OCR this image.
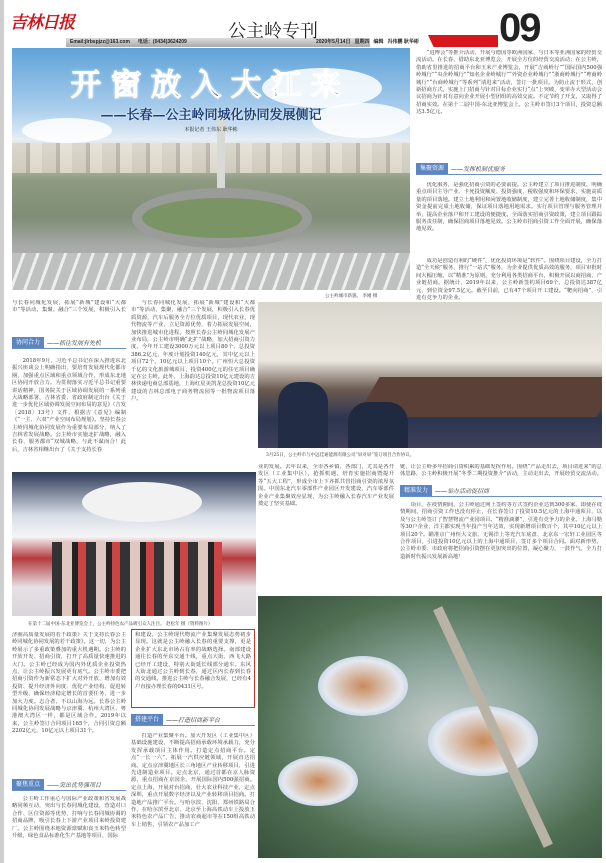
吉林日报
Email:jlrbspjzz@163.com 电话：(0434)3624209	公主岭专刊
2020年5月14日 星期四 编辑 冯伟鹏 耿华彬 09
开窗放入大江来
——长春—公主岭同城化协同发展侧记
本报记者 王伟东 耿华彬
公主岭城市新貌。 李刚 摄

“进博会”等推介活动，开展与德国等欧洲国家、与日本等亚洲国家的经贸交流活动。在长春、借助东北亚博览会，开展全方位的经贸交流活动；在公主岭，借助省里推进的招商平台和玉米产业博览会，开展“吉商岭行”“国际国内500强岭城行”“央企岭城行”“知名企业岭城行”“外资企业岭城行”“浙商岭城行”“粤商岭城行”“台商岭城行”等系列“请进来”活动，签订一批项目。为防止流于形式，创新招商方式，实施上门招商与针对目标企业实行“点”上突破，变单办大型活动会议招商为针对有意向企业开展小型团组的高效交流。不定节约了开支，又取得了招商实效。在第十二届中国-东北亚博览会上，公主岭市签订3个项目，投资总额达3.5亿元。

集聚资源	——发挥机制优服务

优化服务，是强化招商引资的必要前提。公主岭建立了项目推进制度，明确重点项目主导产业、卡死投资额度、投资强度、税收强度和环保要求，实施高质量的项目落地。建立土地利用和闲置地收储制度，建立完善土地收储制度，集中资金提前完成土地收储，保证项目落地用地需求。实行项目管理与服务管理并举，提高企业落户和开工建设的便捷度。全面落实招商引资政策，建立项目跟踪服务责任制，确保招商项目落地见效。公主岭市招商引资工作全面开展，确保落地见效。

成功是创造有利的“硬件”，优化投资环境是“软件”。围绕项目建设，全力打造“全天候”服务，推行“一站式”服务，为企业提供优质高效的服务，项目审批时间大幅压缩。以“精准”为原则，充分利用各类招商平台，积极开展以商招商、产业链招商。据统计，2019年以来，公主岭新签约项目69个，总投资达387亿元，到位资金97.5亿元。截至目前，已有47个项目开工建设。“靶向招商”，引进有竞争力的企业。

与长春同城化发展，拓展“新城”建设和“大都市”等活动，集聚、融合“三个发展，积极引入长

协同合力	——抓住发展有先机

2018年9月，习近平总书记在深入推进东北振兴座谈会上明确指出，要培育发展现代化都市圈，加强重点区域和重点领域合作，形成东北地区协同开放合力。为贯彻落实习近平总书记重要讲话精神，国务院关于区域协调发展的一系列重大战略部署，吉林省委、省政府制定出台《关于进一步优化区域协调发展空间布局的意见》（吉发〔2018〕13号）文件，根据吉《意见》编制《“一主、六双”产业空间布局规划》。坚持长春公主岭同城化协同发展作为重要布局部分，纳入了吉林省发展战略。公主岭市实施北扩战略，融入长春、服务都市“双城战略，与此不谋而合！此后，吉林省相继出台了《关于支持长春

与长春同城化发展，拓展“新城”建设和“大都市”等活动，集聚、融合“三个发展，积极引入长春优质资源，汽车后服务全方位优质项目，现代农业，现代物流等产业，立足资源优势，着力拓展发展空间，加快推进城市化进程。按照长春公主岭同城化发展产业布局，公主岭市明确“北扩”战略，加大招商引资力度。今年开工建设3000万元以上项目80个，总投资386.2亿元，年度计划投资140亿元，其中亿元以上项目72个，10亿元以上项目10个。广州恒大总投资千亿的文化旅游城项目，投资400亿元的住宅项目确定在公主岭。此外，上海韵达总投资10亿元建设的吉林快递电商总部基地，上海红星美凯龙总投资10亿元建设的吉林总部电子商务物流园等一批物流项目落户。

3月25日，公主岭市与中远佳通能源有限公司“屏对屏”签订项目合作协议。

业的发展。去年以来，全市各乡镇、各部门，尤其是各开发区（工业集中区），抢抓机遇，培育实施招商暨提升等“五大工程”，形成全市上下齐抓共管招商引资的浓厚氛围。中国东北汽车零部件产业园区开发建设，汽车零部件企业产业集聚效应显现，为公主岭融入长春汽车产业发展奠定了坚实基础。

链，让公主岭多年招商引资积累的基础发挥作用。围绕“产品走出去，项目请进来”的总体思路，公主岭积极开展“冬季二期投资推介”活动，主动走出去，开展经贸交流活动。

精准发力	——举办活动促招商

项目，在疫情期间，公主岭通过网上签约等方式签约企业达到300多家。即使在疫情期间，招商引资工作也没有停止，在长春签订了投资10.5亿元的上海中通项目，以及与公主岭签订了智慧物流产业园项目。“精准滴灌”，引进有竞争力的企业。上海马勒等30户企业，洋主都实现当年投产当年达效，实现新增项目数百个，其中10亿元以上项目20个。瞄准京广州恒大文旅、无锡洋上等光汽车底盘、北京东一宏轩工业园区等合作项目，引进投资10亿元以上的上海中通项目，签订多个项目合同。面对新形势，公主岭市委、市政府将把招商引资摆在更加突出的位置，凝心聚力，一鼓作气，全力打造新时代振兴发展新高地！

在第十二届中国-东北亚博览会上，公主岭特色农产品吸引众人注目。 赵松年 摄（资料图片）

济圈高质量发展的若干政策》关于支持长春公主岭同城化协同发展的若干政策》。这一切，为公主岭展示了多重政策叠加的重大机遇期。公主岭的开放开发、招商引资，打开了高质量快速推进的大门。公主岭已经成为国内外优质企业投资热点，让公主岭振兴发展更有底气。公主岭市委把招商引资作为新常态下扩大对外开放、增加有效投资、提升经济外向度、优化产业结构、促进转型升级、确保经济稳定增长的首要任务，进一步加大力度。志合者，不以山海为远。长春公主岭同城化协同发展战略与京津冀、杭州大湾区、粤港澳大湾区一样，都是区域合作。2019年以来，公主岭签订合同项目165个，合同引资总额2202亿元，10亿元以上项目31个。

聚焦重点	——突出优势强项目

公主岭工作重心与国际产业政策和省发展战略同频互动，突出与长春同城化建设，营造对口合作、区位资源等优势，打响与长春同城协调的招商品牌，吸引长春上下游产业项目来岭投资建厂。公主岭围绕本地资源禀赋和食玉米特色转型升级，绿色食品标准化生产基地等项目，国际

和建设。公主岭现代物流产业集聚发展态势初步显现。这就是公主岭融入长春的重要支撑，更是企业扩大东北市场占有率的战略选择。南部建设通往长春的至东交通干线，重点大街、西飞大路已经开工建设，特别大街延长线部分通车。东风大街北通过公主岭到长春，通过区内长春到长春的交通线，推进公主岭与长春融合发展，已经有4户直接办理长春的0431区号。

搭建平台	——打造招商新平台

打造产业集聚平台。加大开发区（工业集中区）基础设施建设，不断提高招商承载环境承载力，充分发挥承载项目主体作用。打造定点招商平台。定点“一长一六”，拓展一汽供应链领域，开展直达招商。定点京津冀地区长三角地区产业转移项目，引进先进制造业项目。定点北京，通过首都在京人脉资源，重点招商在京国企，开展国际国内500强招商。定点上海，开展对台招商，壮大农业科技产业，定点深圳，重点开展数字经济以及产业转移项目招商。打造地产品推广平台。与哈尔滨、沈阳、郑州铁路局合作，在哈尔滨至北京、北京至上海高铁动车上投放玉米特色农产品广告，推动农商超市等在150组高铁动车上销售，引领农产品加工产
